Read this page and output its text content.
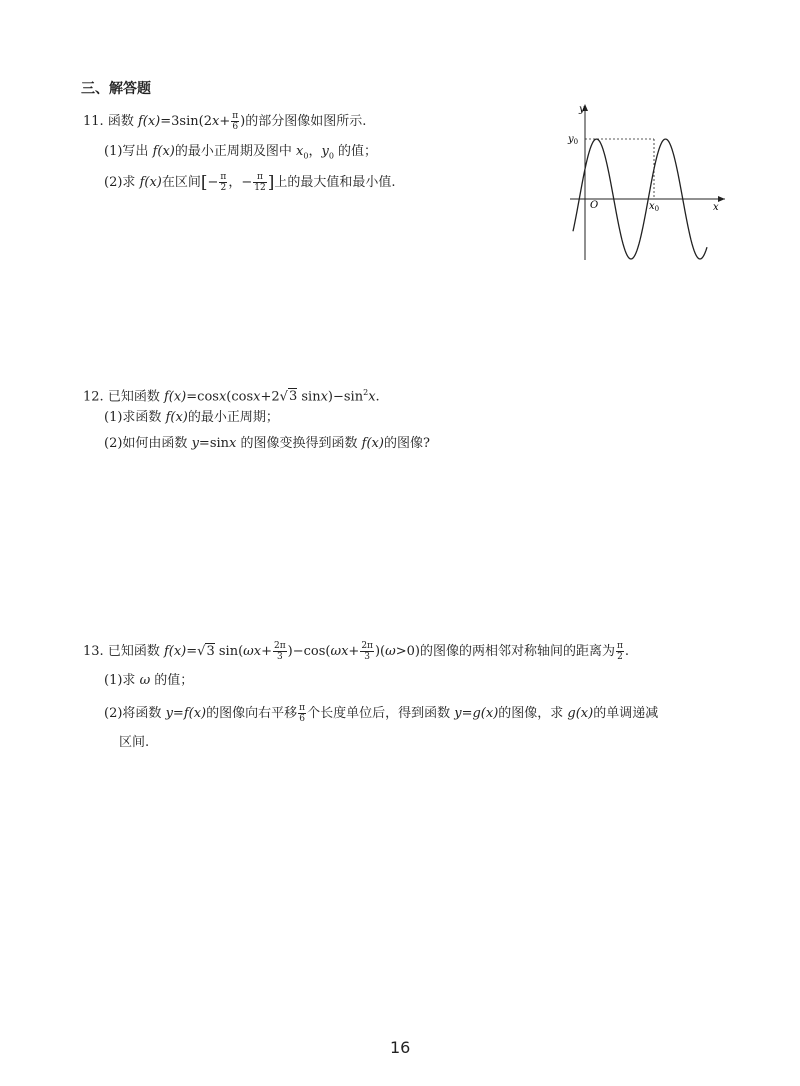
三、解答题
11. 函数 $f(x)=3\sin(2x+ \frac{\pi}{6}$ )的部分图像如图所示.
(1)写出 f(x)的最小正周期及图中 $x_0$，$y_0$ 的值；
(2)求 f(x)在区间[− $\frac{\pi}{2}$ ，− $\frac{\pi}{12}$ ]上的最大值和最小值.
y
x
O
$y_0$
$x_0$
12. 已知函数 f(x)=cosx(cosx+2√3 $\sin x)-\sin^2x$.
(1)求函数 f(x)的最小正周期；
(2)如何由函数 y=sinx 的图像变换得到函数 f(x)的图像?
13. 已知函数 f(x)=√3 $\sin(\omega x+ \frac{2\pi}{3} )-\cos(\omega x+ \frac{2\pi}{3} )(\omega>0)$的图像的两相邻对称轴间的距离为 $\frac{\pi}{2}$ .
(1)求 ω 的值；
(2)将函数 y=f(x)的图像向右平移 $\frac{\pi}{6}$ 个长度单位后，得到函数 y=g(x)的图像，求 g(x)的单调递减
区间.
16
